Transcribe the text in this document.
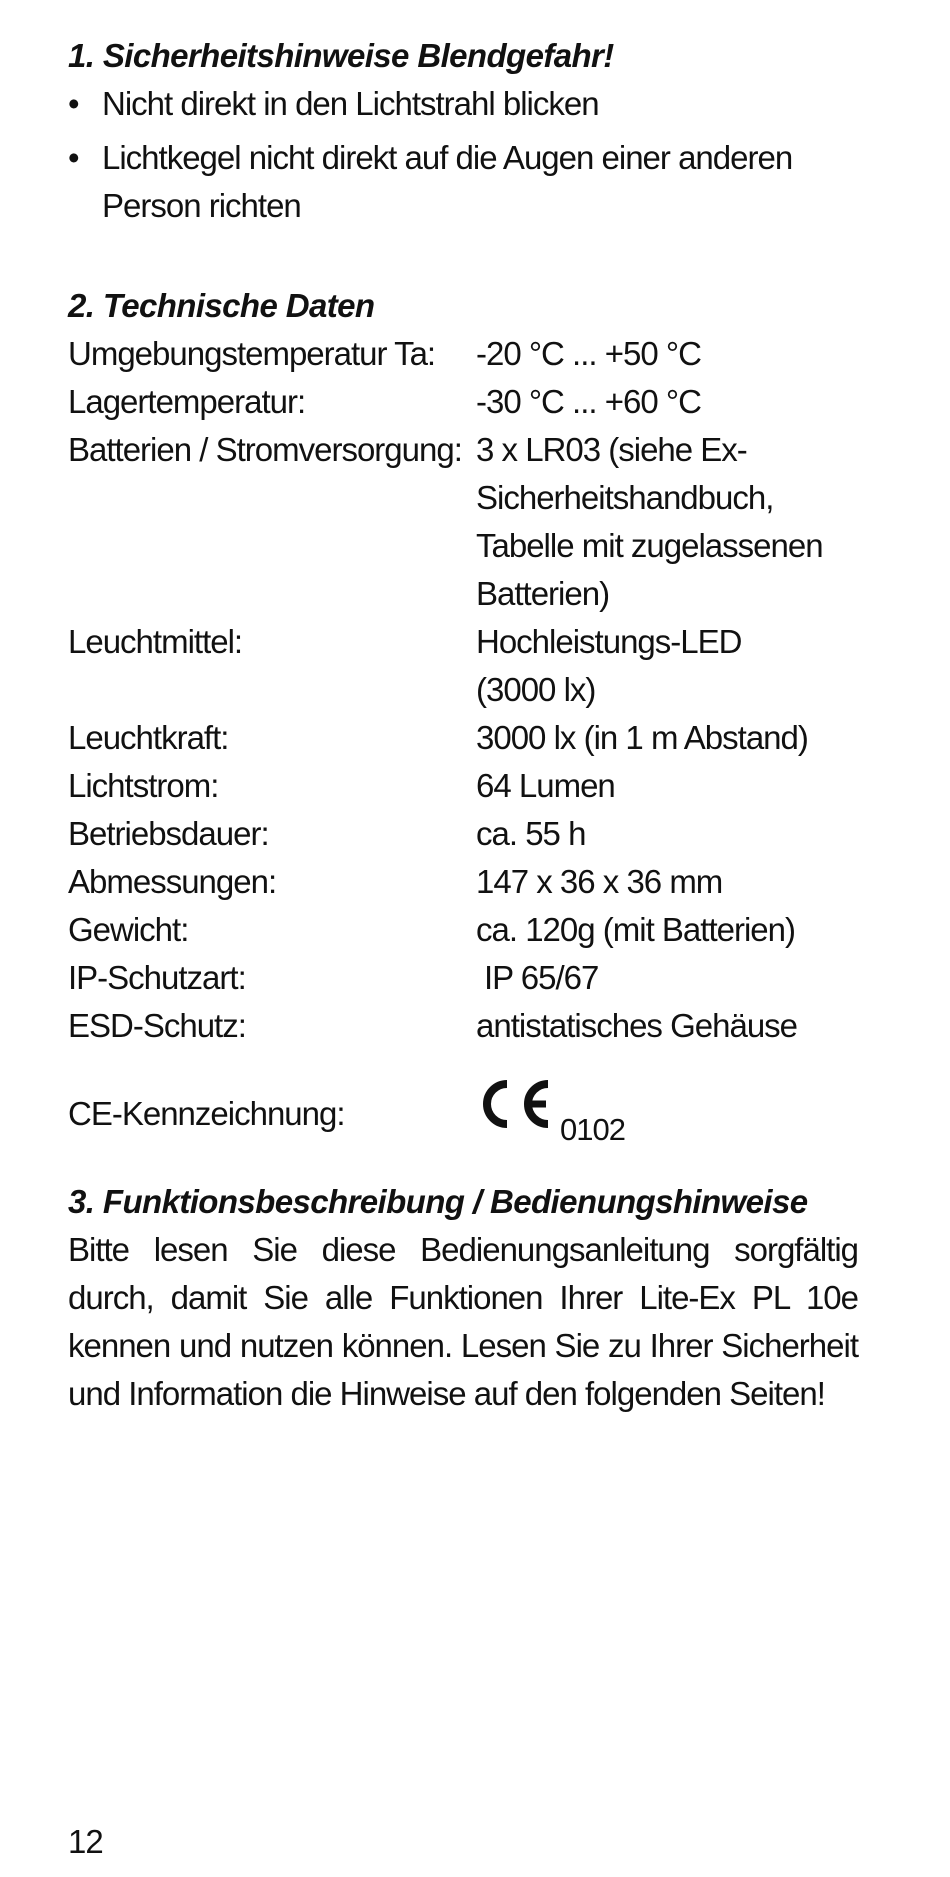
1. Sicherheitshinweise Blendgefahr!
• Nicht direkt in den Lichtstrahl blicken
• Lichtkegel nicht direkt auf die Augen einer anderen Person richten
2. Technische Daten
Umgebungstemperatur Ta: -20 °C ... +50 °C
Lagertemperatur:	-30 °C ... +60 °C
Batterien / Stromversorgung: 3 x LR03 (siehe Ex-Sicherheitshandbuch, Tabelle mit zugelassenen Batterien)
Leuchtmittel:	Hochleistungs-LED (3000 lx)
Leuchtkraft:	3000 lx (in 1 m Abstand)
Lichtstrom:	64 Lumen
Betriebsdauer:	ca. 55 h
Abmessungen:	147 x 36 x 36 mm
Gewicht:	ca. 120g (mit Batterien)
IP-Schutzart:	IP 65/67
ESD-Schutz:	antistatisches Gehäuse
CE-Kennzeichnung:	0102
3. Funktionsbeschreibung / Bedienungshinweise
Bitte lesen Sie diese Bedienungsanleitung sorgfältig
durch, damit Sie alle Funktionen Ihrer Lite-Ex PL 10e
kennen und nutzen können. Lesen Sie zu Ihrer Sicherheit
und Information die Hinweise auf den folgenden Seiten!
12
